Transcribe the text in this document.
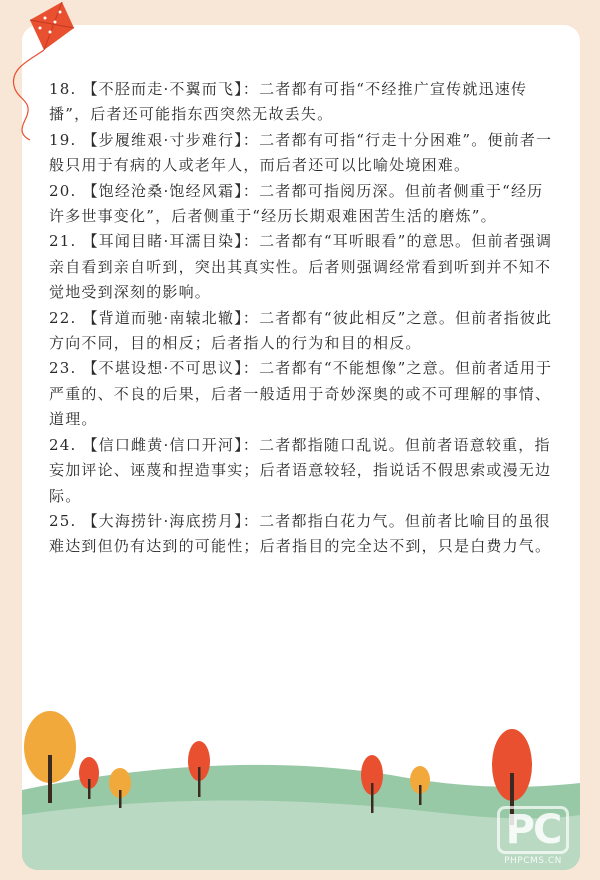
18. 【不胫而走·不翼而飞】：二者都有可指“不经推广宣传就迅速传播”，后者还可能指东西突然无故丢失。

19. 【步履维艰·寸步难行】：二者都有可指“行走十分困难”。便前者一般只用于有病的人或老年人，而后者还可以比喻处境困难。

20. 【饱经沧桑·饱经风霜】：二者都可指阅历深。但前者侧重于“经历许多世事变化”，后者侧重于“经历长期艰难困苦生活的磨炼”。

21. 【耳闻目睹·耳濡目染】：二者都有“耳听眼看”的意思。但前者强调亲自看到亲自听到，突出其真实性。后者则强调经常看到听到并不知不觉地受到深刻的影响。

22. 【背道而驰·南辕北辙】：二者都有“彼此相反”之意。但前者指彼此方向不同，目的相反；后者指人的行为和目的相反。

23. 【不堪设想·不可思议】：二者都有“不能想像”之意。但前者适用于严重的、不良的后果，后者一般适用于奇妙深奥的或不可理解的事情、道理。

24. 【信口雌黄·信口开河】：二者都指随口乱说。但前者语意较重，指妄加评论、诬蔑和捏造事实；后者语意较轻，指说话不假思索或漫无边际。

25. 【大海捞针·海底捞月】：二者都指白花力气。但前者比喻目的虽很难达到但仍有达到的可能性；后者指目的完全达不到，只是白费力气。

PC
PHPCMS.CN
